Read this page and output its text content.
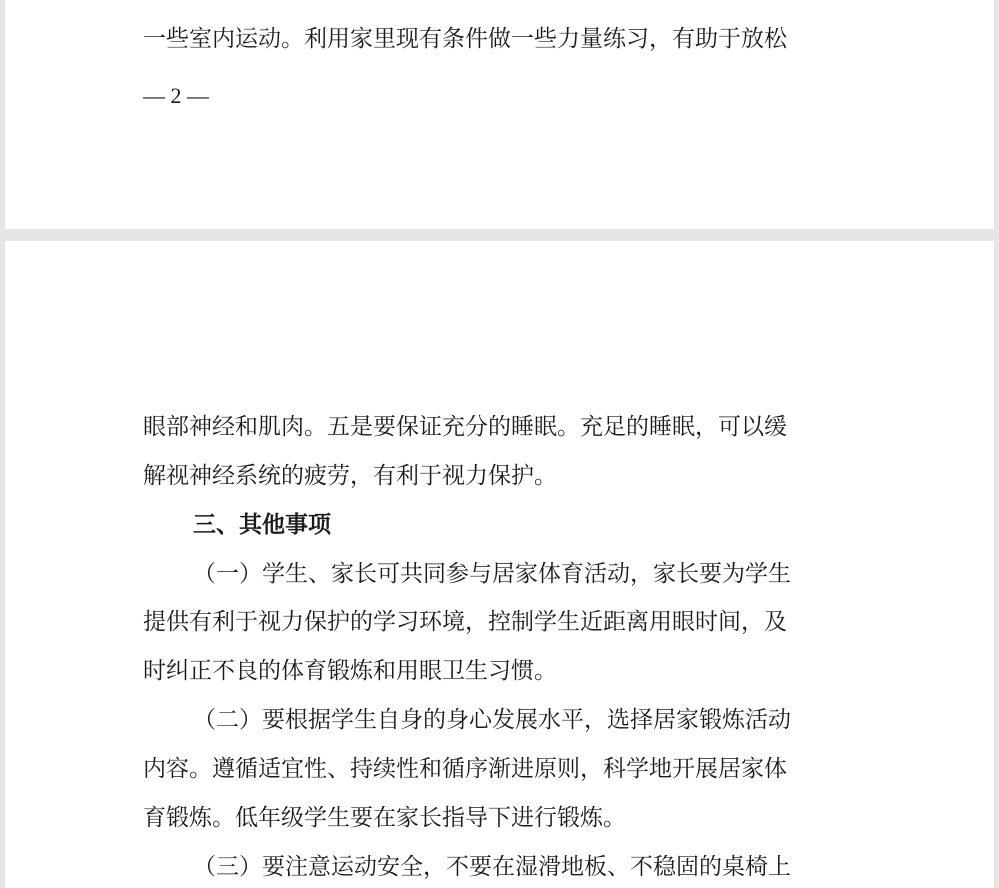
一些室内运动。利用家里现有条件做一些力量练习，有助于放松
— 2 —
眼部神经和肌肉。五是要保证充分的睡眠。充足的睡眠，可以缓
解视神经系统的疲劳，有利于视力保护。
三、其他事项
（一）学生、家长可共同参与居家体育活动，家长要为学生
提供有利于视力保护的学习环境，控制学生近距离用眼时间，及
时纠正不良的体育锻炼和用眼卫生习惯。
（二）要根据学生自身的身心发展水平，选择居家锻炼活动
内容。遵循适宜性、持续性和循序渐进原则，科学地开展居家体
育锻炼。低年级学生要在家长指导下进行锻炼。
（三）要注意运动安全，不要在湿滑地板、不稳固的桌椅上
